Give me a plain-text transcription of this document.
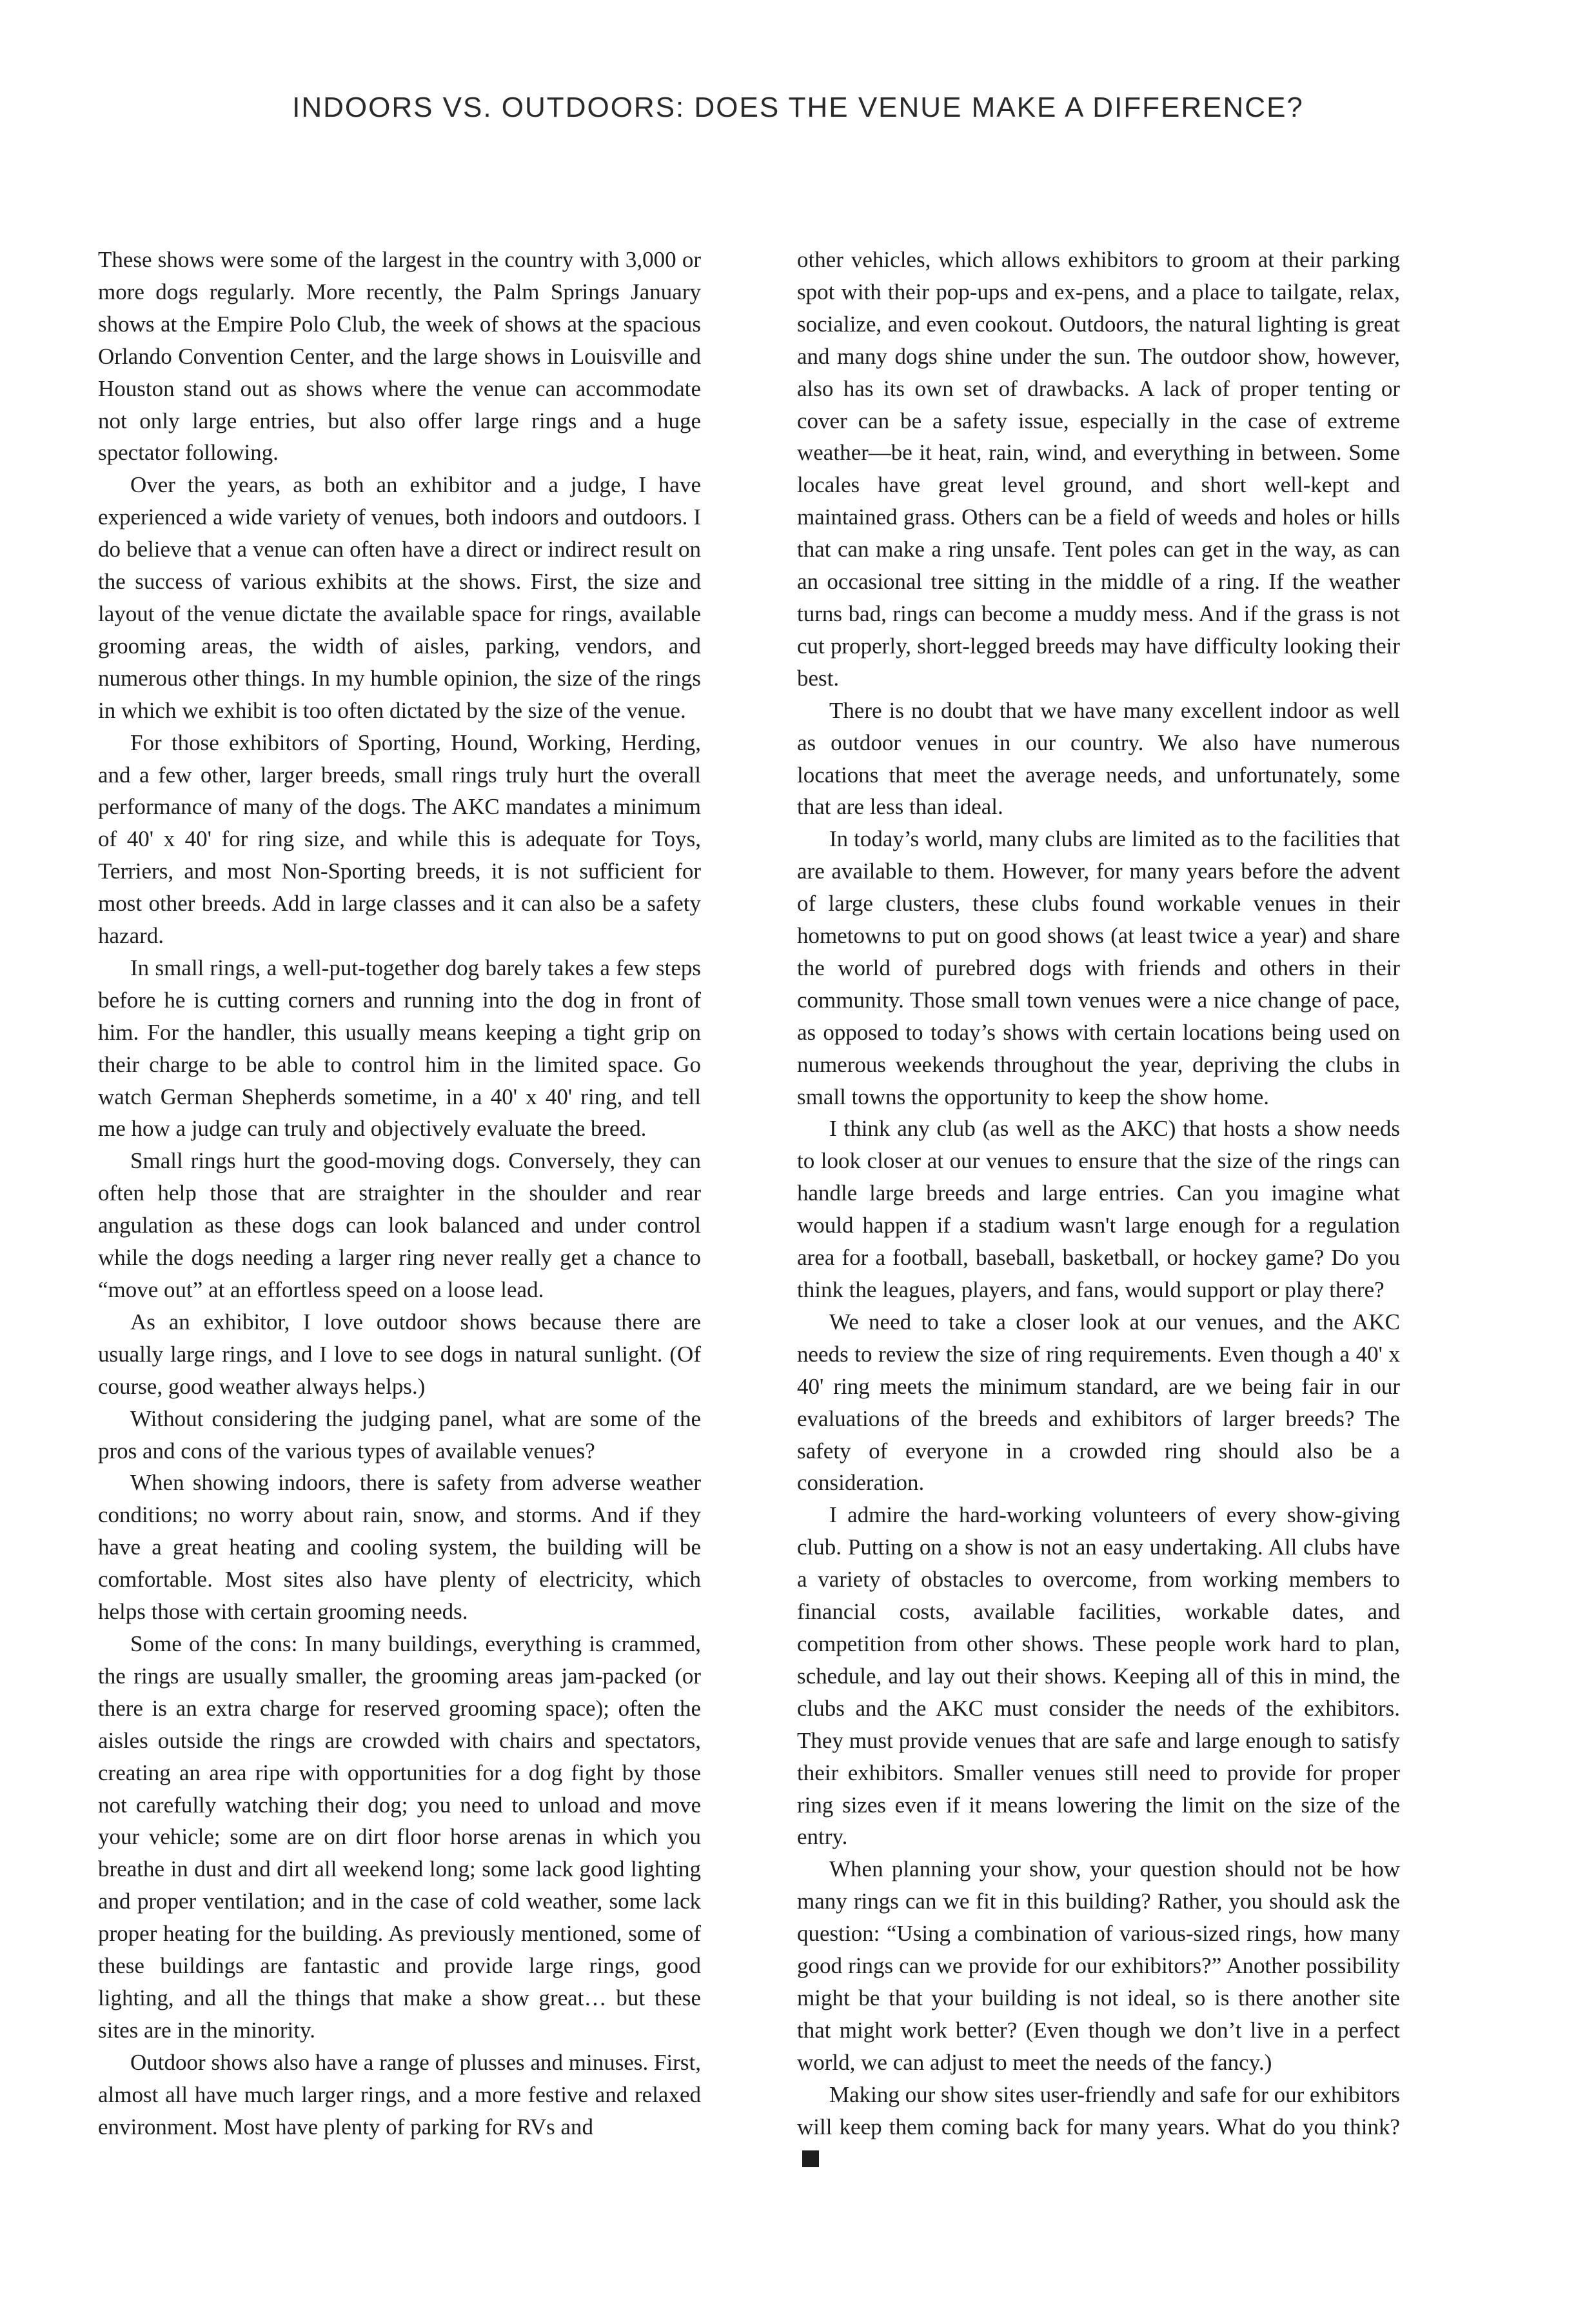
INDOORS VS. OUTDOORS: DOES THE VENUE MAKE A DIFFERENCE?

These shows were some of the largest in the country with 3,000 or more dogs regularly. More recently, the Palm Springs January shows at the Empire Polo Club, the week of shows at the spacious Orlando Convention Center, and the large shows in Louisville and Houston stand out as shows where the venue can accommodate not only large entries, but also offer large rings and a huge spectator following.

Over the years, as both an exhibitor and a judge, I have experienced a wide variety of venues, both indoors and outdoors. I do believe that a venue can often have a direct or indirect result on the success of various exhibits at the shows. First, the size and layout of the venue dictate the available space for rings, available grooming areas, the width of aisles, parking, vendors, and numerous other things. In my humble opinion, the size of the rings in which we exhibit is too often dictated by the size of the venue.

For those exhibitors of Sporting, Hound, Working, Herding, and a few other, larger breeds, small rings truly hurt the overall performance of many of the dogs. The AKC mandates a minimum of 40' x 40' for ring size, and while this is adequate for Toys, Terriers, and most Non-Sporting breeds, it is not sufficient for most other breeds. Add in large classes and it can also be a safety hazard.

In small rings, a well-put-together dog barely takes a few steps before he is cutting corners and running into the dog in front of him. For the handler, this usually means keeping a tight grip on their charge to be able to control him in the limited space. Go watch German Shepherds sometime, in a 40' x 40' ring, and tell me how a judge can truly and objectively evaluate the breed.

Small rings hurt the good-moving dogs. Conversely, they can often help those that are straighter in the shoulder and rear angulation as these dogs can look balanced and under control while the dogs needing a larger ring never really get a chance to “move out” at an effortless speed on a loose lead.

As an exhibitor, I love outdoor shows because there are usually large rings, and I love to see dogs in natural sunlight. (Of course, good weather always helps.)

Without considering the judging panel, what are some of the pros and cons of the various types of available venues?

When showing indoors, there is safety from adverse weather conditions; no worry about rain, snow, and storms. And if they have a great heating and cooling system, the building will be comfortable. Most sites also have plenty of electricity, which helps those with certain grooming needs.

Some of the cons: In many buildings, everything is crammed, the rings are usually smaller, the grooming areas jam-packed (or there is an extra charge for reserved grooming space); often the aisles outside the rings are crowded with chairs and spectators, creating an area ripe with opportunities for a dog fight by those not carefully watching their dog; you need to unload and move your vehicle; some are on dirt floor horse arenas in which you breathe in dust and dirt all weekend long; some lack good lighting and proper ventilation; and in the case of cold weather, some lack proper heating for the building. As previously mentioned, some of these buildings are fantastic and provide large rings, good lighting, and all the things that make a show great… but these sites are in the minority.

Outdoor shows also have a range of plusses and minuses. First, almost all have much larger rings, and a more festive and relaxed environment. Most have plenty of parking for RVs and

other vehicles, which allows exhibitors to groom at their parking spot with their pop-ups and ex-pens, and a place to tailgate, relax, socialize, and even cookout. Outdoors, the natural lighting is great and many dogs shine under the sun. The outdoor show, however, also has its own set of drawbacks. A lack of proper tenting or cover can be a safety issue, especially in the case of extreme weather—be it heat, rain, wind, and everything in between. Some locales have great level ground, and short well-kept and maintained grass. Others can be a field of weeds and holes or hills that can make a ring unsafe. Tent poles can get in the way, as can an occasional tree sitting in the middle of a ring. If the weather turns bad, rings can become a muddy mess. And if the grass is not cut properly, short-legged breeds may have difficulty looking their best.

There is no doubt that we have many excellent indoor as well as outdoor venues in our country. We also have numerous locations that meet the average needs, and unfortunately, some that are less than ideal.

In today’s world, many clubs are limited as to the facilities that are available to them. However, for many years before the advent of large clusters, these clubs found workable venues in their hometowns to put on good shows (at least twice a year) and share the world of purebred dogs with friends and others in their community. Those small town venues were a nice change of pace, as opposed to today’s shows with certain locations being used on numerous weekends throughout the year, depriving the clubs in small towns the opportunity to keep the show home.

I think any club (as well as the AKC) that hosts a show needs to look closer at our venues to ensure that the size of the rings can handle large breeds and large entries. Can you imagine what would happen if a stadium wasn't large enough for a regulation area for a football, baseball, basketball, or hockey game? Do you think the leagues, players, and fans, would support or play there?

We need to take a closer look at our venues, and the AKC needs to review the size of ring requirements. Even though a 40' x 40' ring meets the minimum standard, are we being fair in our evaluations of the breeds and exhibitors of larger breeds? The safety of everyone in a crowded ring should also be a consideration.

I admire the hard-working volunteers of every show-giving club. Putting on a show is not an easy undertaking. All clubs have a variety of obstacles to overcome, from working members to financial costs, available facilities, workable dates, and competition from other shows. These people work hard to plan, schedule, and lay out their shows. Keeping all of this in mind, the clubs and the AKC must consider the needs of the exhibitors. They must provide venues that are safe and large enough to satisfy their exhibitors. Smaller venues still need to provide for proper ring sizes even if it means lowering the limit on the size of the entry.

When planning your show, your question should not be how many rings can we fit in this building? Rather, you should ask the question: “Using a combination of various-sized rings, how many good rings can we provide for our exhibitors?” Another possibility might be that your building is not ideal, so is there another site that might work better? (Even though we don’t live in a perfect world, we can adjust to meet the needs of the fancy.)

Making our show sites user-friendly and safe for our exhibitors will keep them coming back for many years. What do you think?
